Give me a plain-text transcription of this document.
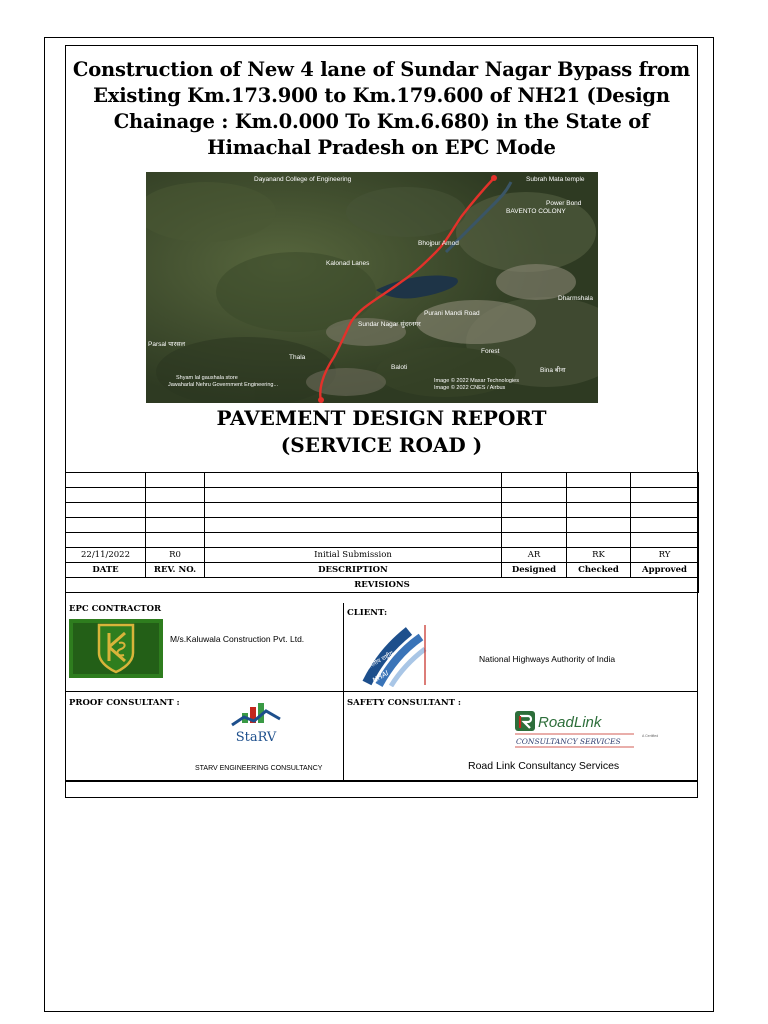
Construction of New 4 lane of Sundar Nagar Bypass from Existing Km.173.900 to Km.179.600 of NH21 (Design Chainage : Km.0.000 To Km.6.680) in the State of Himachal Pradesh on EPC Mode
Dayanand College of Engineering	Subrah Mata temple
Power Bond
BAVENTO COLONY
Kalonad Lanes
Bhojpur Amod
Dharmshala
Purani Mandi Road
Sundar Nagar सुंदरनगर
Parsal पारसल
Thala
Forest
Bina बीना
Baloti
Shyam lal gaushala store
Jawaharlal Nehru Government Engineering...
Image © 2022 Maxar Technologies
Image © 2022 CNES / Airbus
PAVEMENT DESIGN REPORT
(SERVICE ROAD )

22/11/2022	R0	Initial Submission	AR	RK	RY
DATE	REV. NO.	DESCRIPTION	Designed	Checked	Approved
REVISIONS					
EPC CONTRACTOR
M/s.Kaluwala Construction Pvt. Ltd.
CLIENT:
भारतीय राष्ट्रीय
NHAI
National Highways Authority of India
PROOF CONSULTANT :
StaRV
STARV ENGINEERING CONSULTANCY
SAFETY CONSULTANT :
RoadLink
A Certified
CONSULTANCY SERVICES
Road Link Consultancy Services
